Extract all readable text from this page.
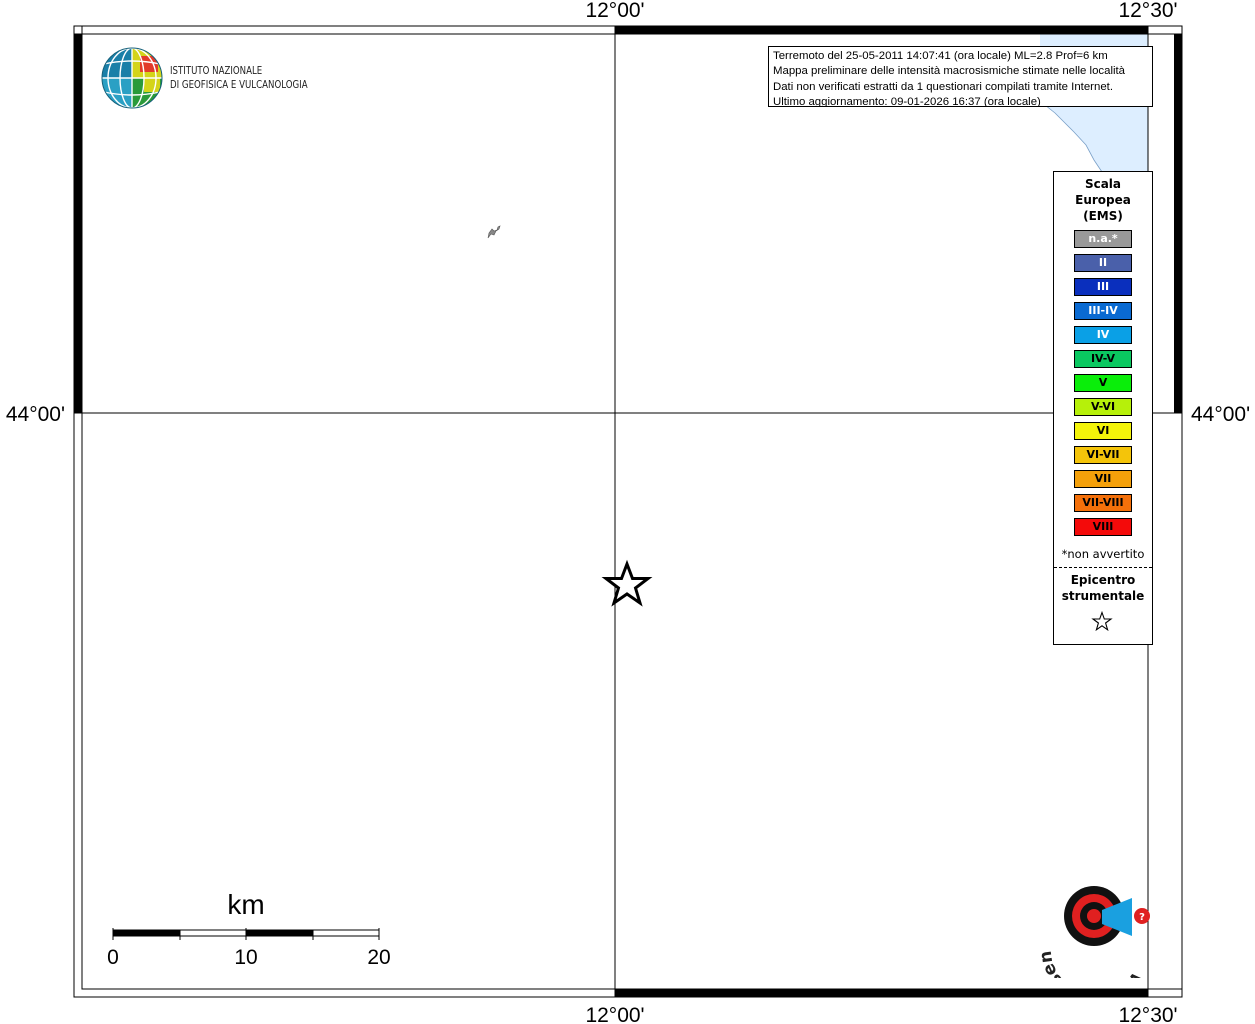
12°00'	12°30'
12°00'	12°30'
44°00'	44°00'
km
0	10	20
ISTITUTO NAZIONALE
DI GEOFISICA E VULCANOLOGIA
Terremoto del 25-05-2011 14:07:41 (ora locale) ML=2.8 Prof=6 km
Mappa preliminare delle intensità macrosismiche stimate nelle località
Dati non verificati estratti da 1 questionari compilati tramite Internet.
Ultimo aggiornamento: 09-01-2026 16:37 (ora locale)
Scala
Europea
(EMS)
n.a.*
II
III
III-IV
IV
IV-V
V
V-VI
VI
VI-VII
VII
VII-VIII
VIII
*non avvertito
Epicentro
strumentale
en
?
